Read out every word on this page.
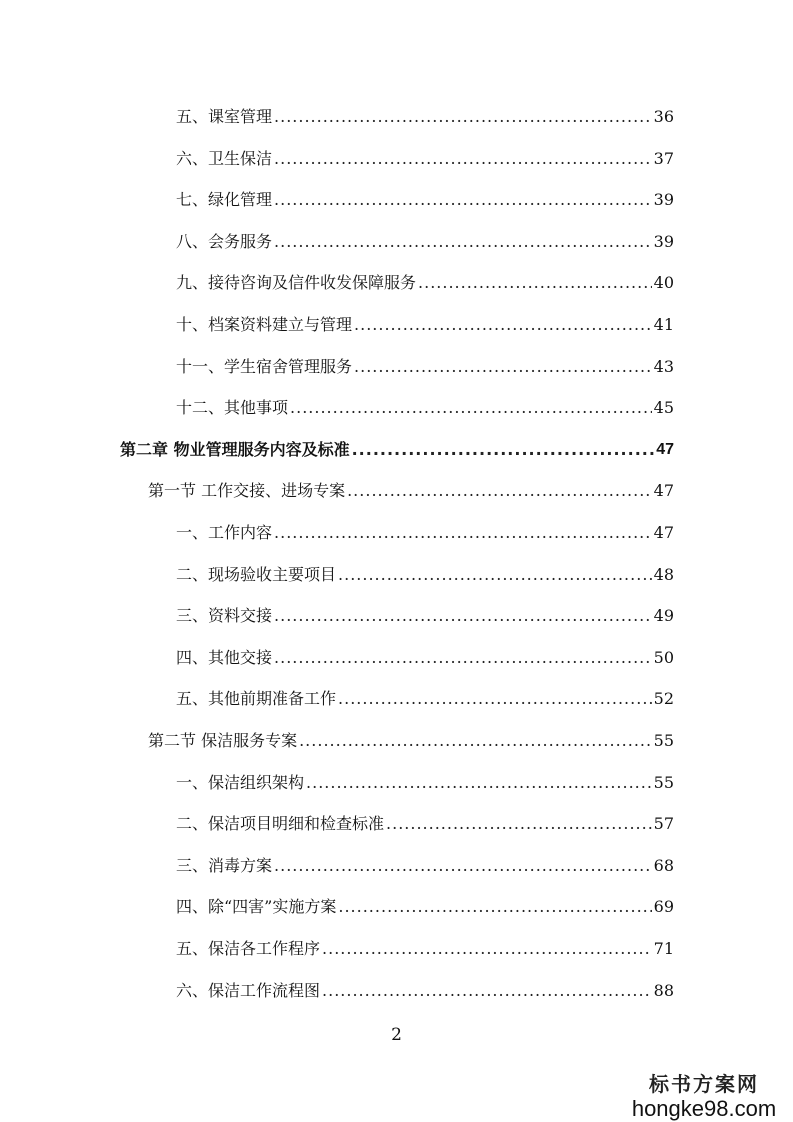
五、课室管理 .....	36
六、卫生保洁 .....	37
七、绿化管理 .....	39
八、会务服务 .....	39
九、接待咨询及信件收发保障服务 .....	40
十、档案资料建立与管理 .....	41
十一、学生宿舍管理服务 .....	43
十二、其他事项 .....	45
第二章 物业管理服务内容及标准 .....	47
第一节 工作交接、进场专案 .....	47
一、工作内容 .....	47
二、现场验收主要项目 .....	48
三、资料交接 .....	49
四、其他交接 .....	50
五、其他前期准备工作 .....	52
第二节 保洁服务专案 .....	55
一、保洁组织架构 .....	55
二、保洁项目明细和检查标准 .....	57
三、消毒方案 .....	68
四、除“四害”实施方案 .....	69
五、保洁各工作程序 .....	71
六、保洁工作流程图 .....	88
2
标书方案网
hongke98.com
